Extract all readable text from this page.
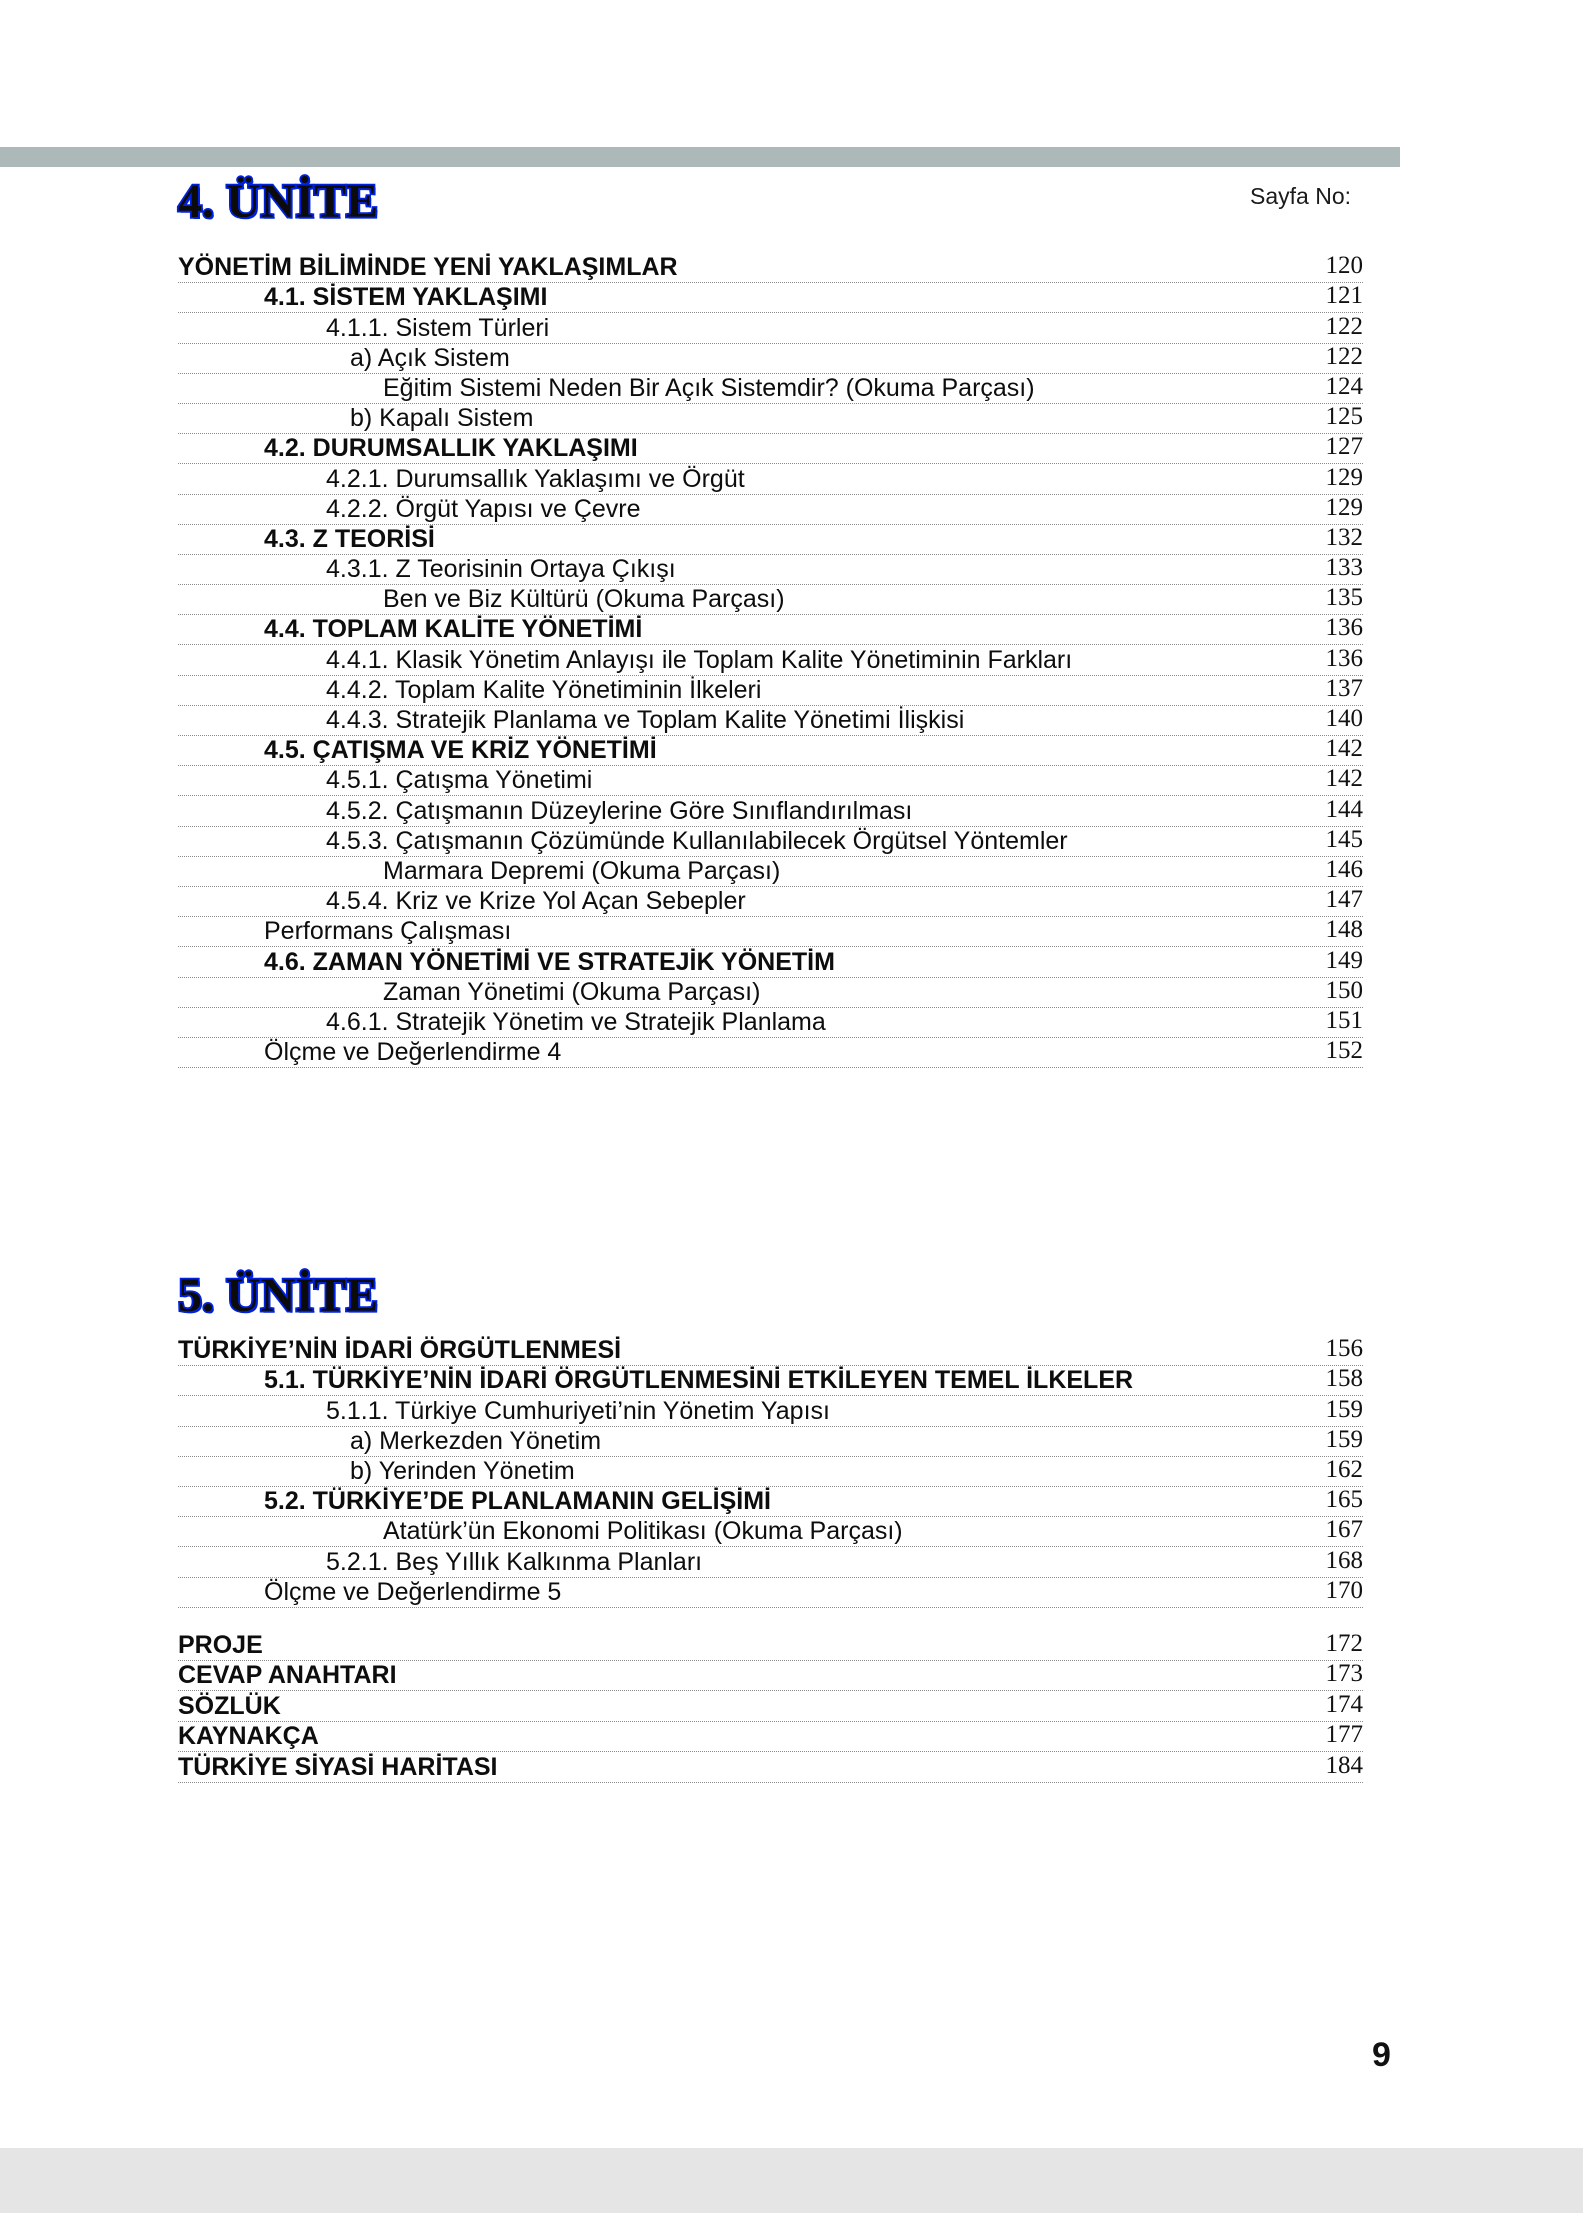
4. ÜNİTE	Sayfa No:
YÖNETİM BİLİMİNDE YENİ YAKLAŞIMLAR	120
4.1. SİSTEM YAKLAŞIMI	121
4.1.1. Sistem Türleri	122
a) Açık Sistem	122
Eğitim Sistemi Neden Bir Açık Sistemdir? (Okuma Parçası)	124
b) Kapalı Sistem	125
4.2. DURUMSALLIK YAKLAŞIMI	127
4.2.1. Durumsallık Yaklaşımı ve Örgüt	129
4.2.2. Örgüt Yapısı ve Çevre	129
4.3. Z TEORİSİ	132
4.3.1. Z Teorisinin Ortaya Çıkışı	133
Ben ve Biz Kültürü (Okuma Parçası)	135
4.4. TOPLAM KALİTE YÖNETİMİ	136
4.4.1. Klasik Yönetim Anlayışı ile Toplam Kalite Yönetiminin Farkları	136
4.4.2. Toplam Kalite Yönetiminin İlkeleri	137
4.4.3. Stratejik Planlama ve Toplam Kalite Yönetimi İlişkisi	140
4.5. ÇATIŞMA VE KRİZ YÖNETİMİ	142
4.5.1. Çatışma Yönetimi	142
4.5.2. Çatışmanın Düzeylerine Göre Sınıflandırılması	144
4.5.3. Çatışmanın Çözümünde Kullanılabilecek Örgütsel Yöntemler	145
Marmara Depremi (Okuma Parçası)	146
4.5.4. Kriz ve Krize Yol Açan Sebepler	147
Performans Çalışması	148
4.6. ZAMAN YÖNETİMİ VE STRATEJİK YÖNETİM	149
Zaman Yönetimi (Okuma Parçası)	150
4.6.1. Stratejik Yönetim ve Stratejik Planlama	151
Ölçme ve Değerlendirme 4	152
5. ÜNİTE
TÜRKİYE’NİN İDARİ ÖRGÜTLENMESİ	156
5.1. TÜRKİYE’NİN İDARİ ÖRGÜTLENMESİNİ ETKİLEYEN TEMEL İLKELER	158
5.1.1. Türkiye Cumhuriyeti’nin Yönetim Yapısı	159
a) Merkezden Yönetim	159
b) Yerinden Yönetim	162
5.2. TÜRKİYE’DE PLANLAMANIN GELİŞİMİ	165
Atatürk’ün Ekonomi Politikası (Okuma Parçası)	167
5.2.1. Beş Yıllık Kalkınma Planları	168
Ölçme ve Değerlendirme 5	170
PROJE	172
CEVAP ANAHTARI	173
SÖZLÜK	174
KAYNAKÇA	177
TÜRKİYE SİYASİ HARİTASI	184
9
